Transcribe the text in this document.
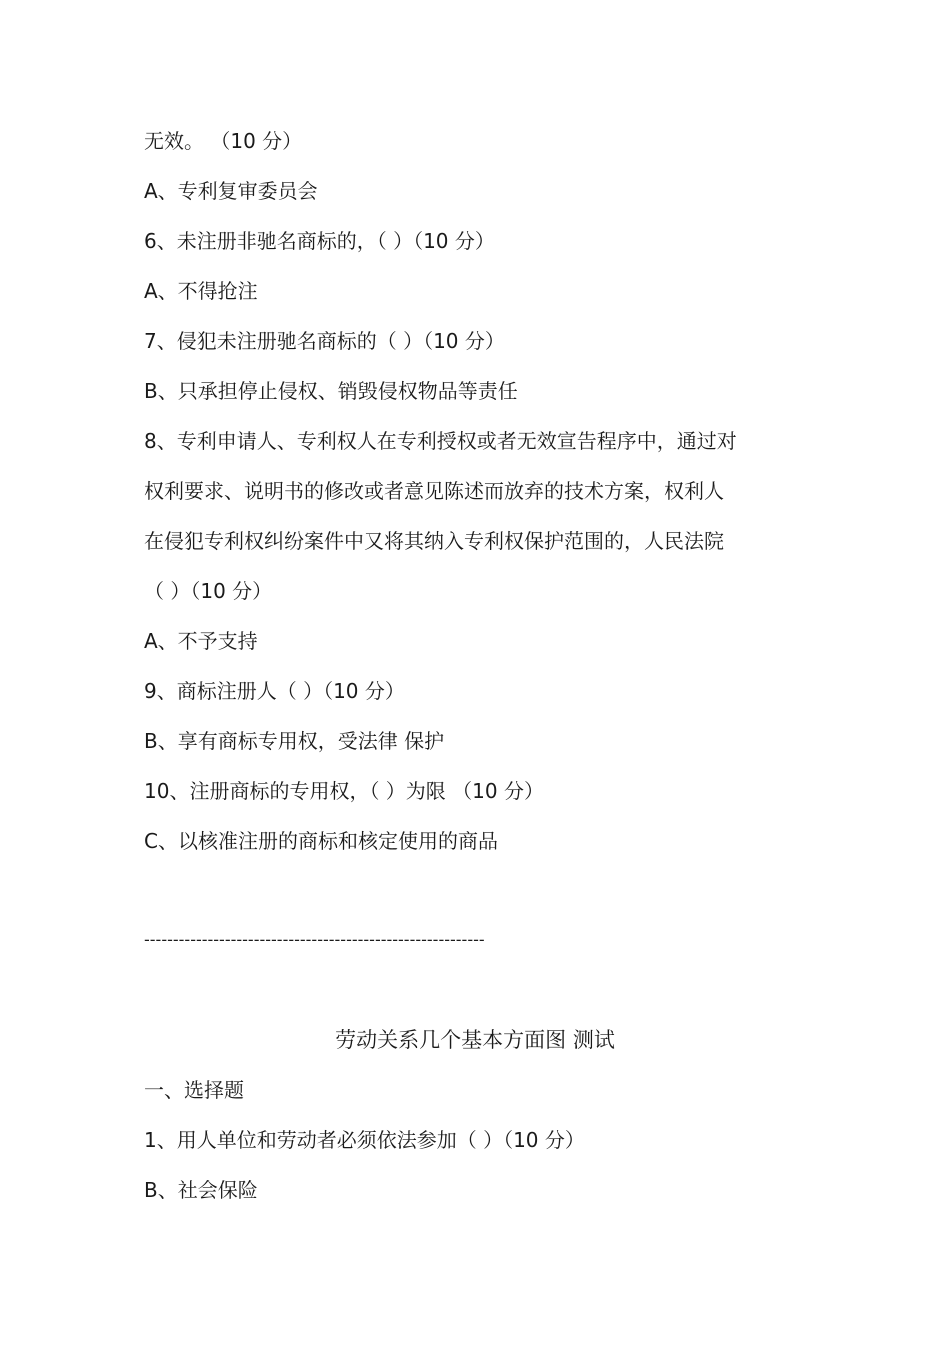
无效。 （10 分）
A、专利复审委员会
6、未注册非驰名商标的，（ ）（10 分）
A、不得抢注
7、侵犯未注册驰名商标的（ ）（10 分）
B、只承担停止侵权、销毁侵权物品等责任
8、专利申请人、专利权人在专利授权或者无效宣告程序中，通过对
权利要求、说明书的修改或者意见陈述而放弃的技术方案，权利人
在侵犯专利权纠纷案件中又将其纳入专利权保护范围的，人民法院
（ ）（10 分）
A、不予支持
9、商标注册人（ ）（10 分）
B、享有商标专用权，受法律 保护
10、注册商标的专用权，（ ）为限 （10 分）
C、以核准注册的商标和核定使用的商品
-----------------------------------------------------------
劳动关系几个基本方面图 测试
一、选择题
1、用人单位和劳动者必须依法参加（ ）（10 分）
B、社会保险
